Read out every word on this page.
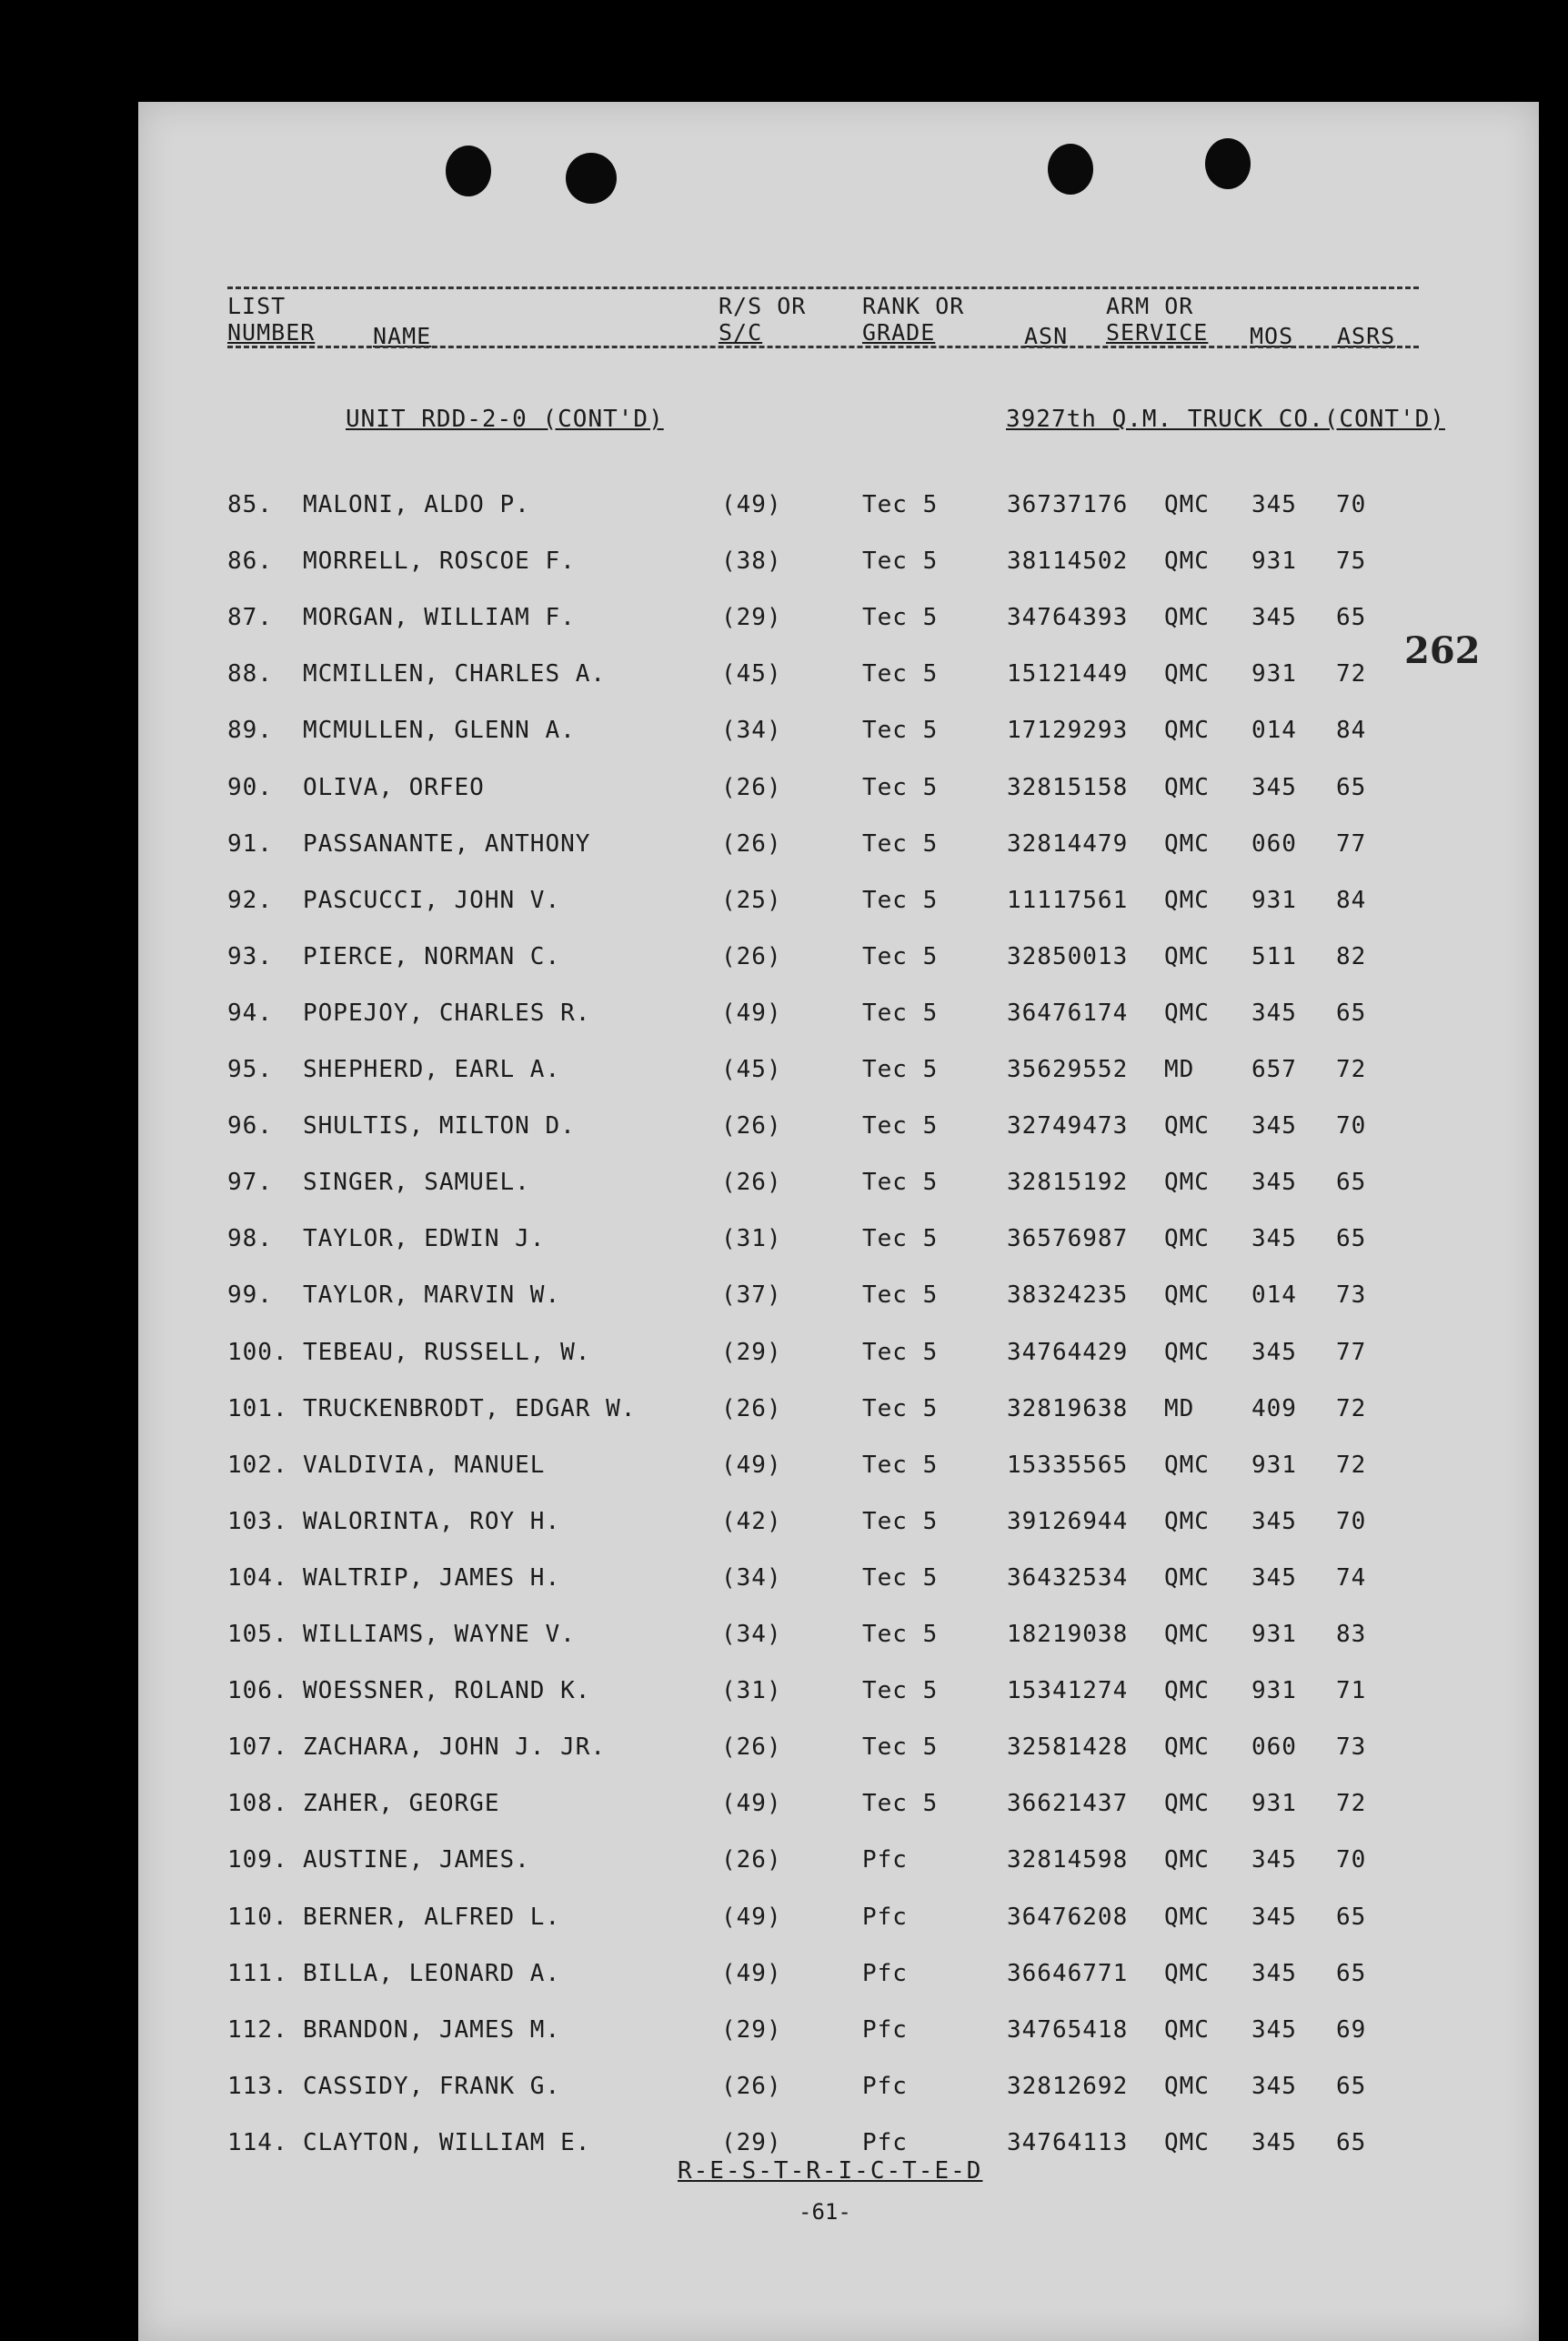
LIST
NUMBER	NAME
R/S OR
S/C
RANK OR
GRADE	ASN
ARM OR
SERVICE MOS ASRS
UNIT RDD-2-0 (CONT'D)	3927th Q.M. TRUCK CO.(CONT'D)
262
85. MALONI, ALDO P.	(49)	Tec 5	36737176 QMC 345 70
86. MORRELL, ROSCOE F.	(38)	Tec 5	38114502 QMC 931 75
87. MORGAN, WILLIAM F.	(29)	Tec 5	34764393 QMC 345 65
88. MCMILLEN, CHARLES A.	(45)	Tec 5	15121449 QMC 931 72
89. MCMULLEN, GLENN A.	(34)	Tec 5	17129293 QMC 014 84
90. OLIVA, ORFEO	(26)	Tec 5	32815158 QMC 345 65
91. PASSANANTE, ANTHONY	(26)	Tec 5	32814479 QMC 060 77
92. PASCUCCI, JOHN V.	(25)	Tec 5	11117561 QMC 931 84
93. PIERCE, NORMAN C.	(26)	Tec 5	32850013 QMC 511 82
94. POPEJOY, CHARLES R.	(49)	Tec 5	36476174 QMC 345 65
95. SHEPHERD, EARL A.	(45)	Tec 5	35629552 MD 657 72
96. SHULTIS, MILTON D.	(26)	Tec 5	32749473 QMC 345 70
97. SINGER, SAMUEL.	(26)	Tec 5	32815192 QMC 345 65
98. TAYLOR, EDWIN J.	(31)	Tec 5	36576987 QMC 345 65
99. TAYLOR, MARVIN W.	(37)	Tec 5	38324235 QMC 014 73
100. TEBEAU, RUSSELL, W.	(29)	Tec 5	34764429 QMC 345 77
101. TRUCKENBRODT, EDGAR W.	(26)	Tec 5	32819638 MD 409 72
102. VALDIVIA, MANUEL	(49)	Tec 5	15335565 QMC 931 72
103. WALORINTA, ROY H.	(42)	Tec 5	39126944 QMC 345 70
104. WALTRIP, JAMES H.	(34)	Tec 5	36432534 QMC 345 74
105. WILLIAMS, WAYNE V.	(34)	Tec 5	18219038 QMC 931 83
106. WOESSNER, ROLAND K.	(31)	Tec 5	15341274 QMC 931 71
107. ZACHARA, JOHN J. JR.	(26)	Tec 5	32581428 QMC 060 73
108. ZAHER, GEORGE	(49)	Tec 5	36621437 QMC 931 72
109. AUSTINE, JAMES.	(26)	Pfc	32814598 QMC 345 70
110. BERNER, ALFRED L.	(49)	Pfc	36476208 QMC 345 65
111. BILLA, LEONARD A.	(49)	Pfc	36646771 QMC 345 65
112. BRANDON, JAMES M.	(29)	Pfc	34765418 QMC 345 69
113. CASSIDY, FRANK G.	(26)	Pfc	32812692 QMC 345 65
114. CLAYTON, WILLIAM E.	(29)	Pfc	34764113 QMC 345 65
R-E-S-T-R-I-C-T-E-D
-61-
